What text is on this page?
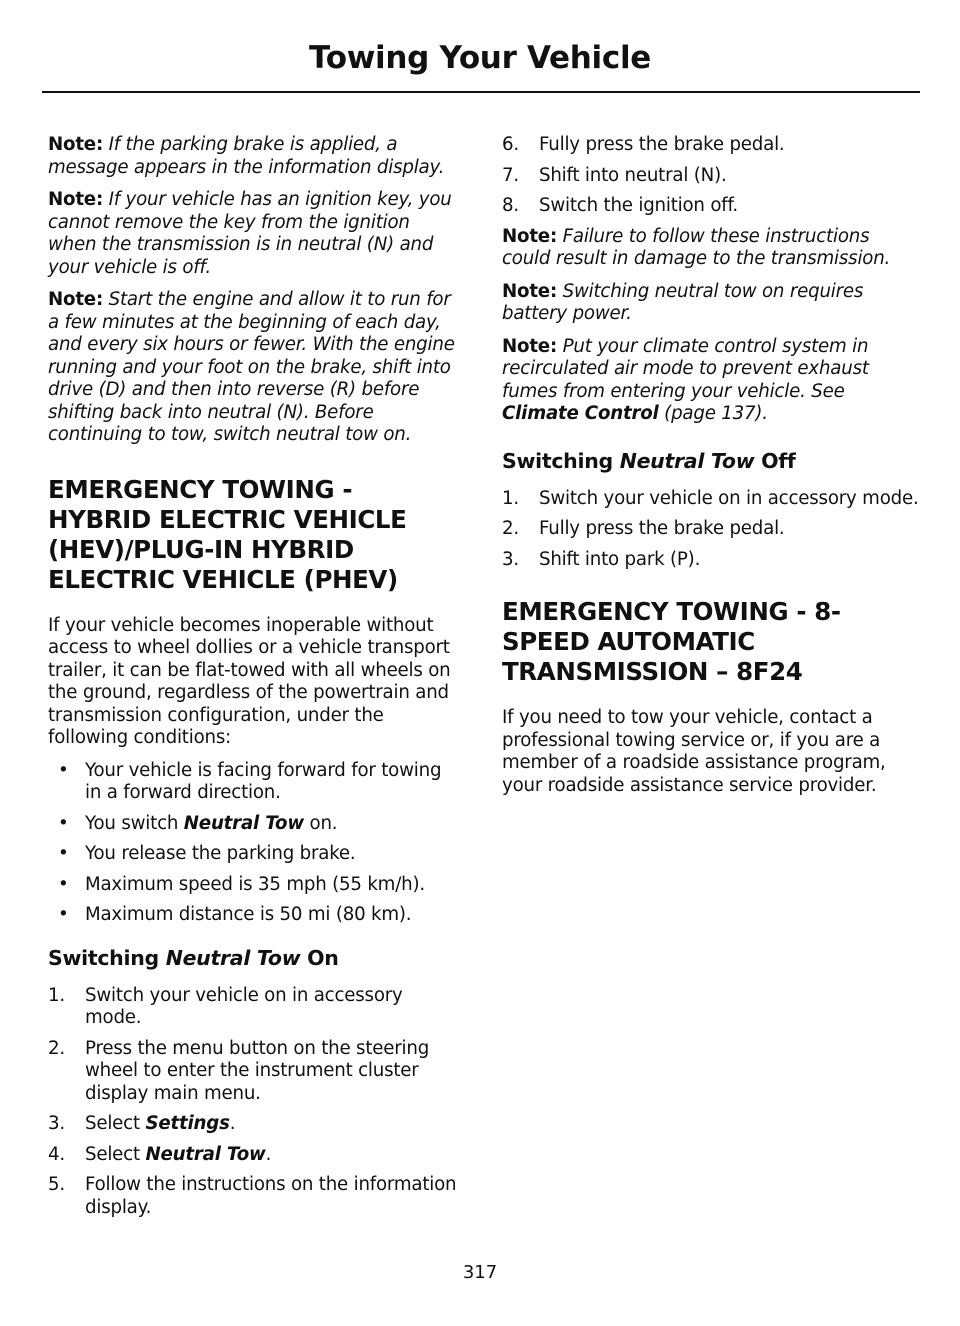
Towing Your Vehicle

Note: If the parking brake is applied, a message appears in the information display.

Note: If your vehicle has an ignition key, you cannot remove the key from the ignition when the transmission is in neutral (N) and your vehicle is off.

Note: Start the engine and allow it to run for a few minutes at the beginning of each day, and every six hours or fewer. With the engine running and your foot on the brake, shift into drive (D) and then into reverse (R) before shifting back into neutral (N). Before continuing to tow, switch neutral tow on.

EMERGENCY TOWING -
HYBRID ELECTRIC VEHICLE
(HEV)/PLUG-IN HYBRID
ELECTRIC VEHICLE (PHEV)

If your vehicle becomes inoperable without access to wheel dollies or a vehicle transport trailer, it can be flat-towed with all wheels on the ground, regardless of the powertrain and transmission configuration, under the following conditions:

• Your vehicle is facing forward for towing in a forward direction.
• You switch Neutral Tow on.
• You release the parking brake.
• Maximum speed is 35 mph (55 km/h).
• Maximum distance is 50 mi (80 km).
Switching Neutral Tow On
1. Switch your vehicle on in accessory mode.
2. Press the menu button on the steering wheel to enter the instrument cluster display main menu.
3. Select Settings.
4. Select Neutral Tow.
5. Follow the instructions on the information display.
6. Fully press the brake pedal.
7. Shift into neutral (N).
8. Switch the ignition off.

Note: Failure to follow these instructions could result in damage to the transmission.

Note: Switching neutral tow on requires battery power.

Note: Put your climate control system in recirculated air mode to prevent exhaust fumes from entering your vehicle. See Climate Control (page 137).

Switching Neutral Tow Off
1. Switch your vehicle on in accessory mode.
2. Fully press the brake pedal.
3. Shift into park (P).
EMERGENCY TOWING - 8-
SPEED AUTOMATIC
TRANSMISSION – 8F24

If you need to tow your vehicle, contact a professional towing service or, if you are a member of a roadside assistance program, your roadside assistance service provider.

317
